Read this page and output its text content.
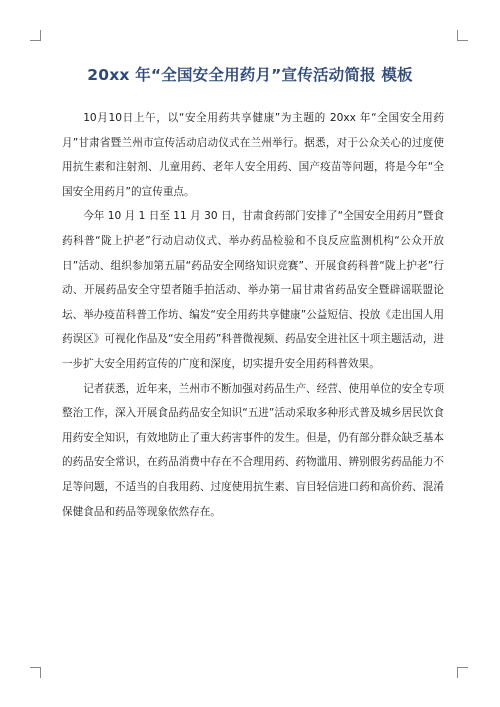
20xx 年“全国安全用药月”宣传活动简报 模板

10月10日上午，以“安全用药共享健康”为主题的 20xx 年“全国安全用药月”甘肃省暨兰州市宣传活动启动仪式在兰州举行。据悉，对于公众关心的过度使用抗生素和注射剂、儿童用药、老年人安全用药、国产疫苗等问题，将是今年“全国安全用药月”的宣传重点。

今年 10 月 1 日至 11 月 30 日，甘肃食药部门安排了“全国安全用药月”暨食药科普“陇上护老”行动启动仪式、举办药品检验和不良反应监测机构“公众开放日”活动、组织参加第五届“药品安全网络知识竞赛”、开展食药科普“陇上护老”行动、开展药品安全守望者随手拍活动、举办第一届甘肃省药品安全暨辟谣联盟论坛、举办疫苗科普工作坊、编发“安全用药共享健康”公益短信、投放《走出国人用药误区》可视化作品及“安全用药”科普微视频、药品安全进社区十项主题活动，进一步扩大安全用药宣传的广度和深度，切实提升安全用药科普效果。

记者获悉，近年来，兰州市不断加强对药品生产、经营、使用单位的安全专项整治工作，深入开展食品药品安全知识“五进”活动采取多种形式普及城乡居民饮食用药安全知识，有效地防止了重大药害事件的发生。但是，仍有部分群众缺乏基本的药品安全常识，在药品消费中存在不合理用药、药物滥用、辨别假劣药品能力不足等问题，不适当的自我用药、过度使用抗生素、盲目轻信进口药和高价药、混淆保健食品和药品等现象依然存在。
